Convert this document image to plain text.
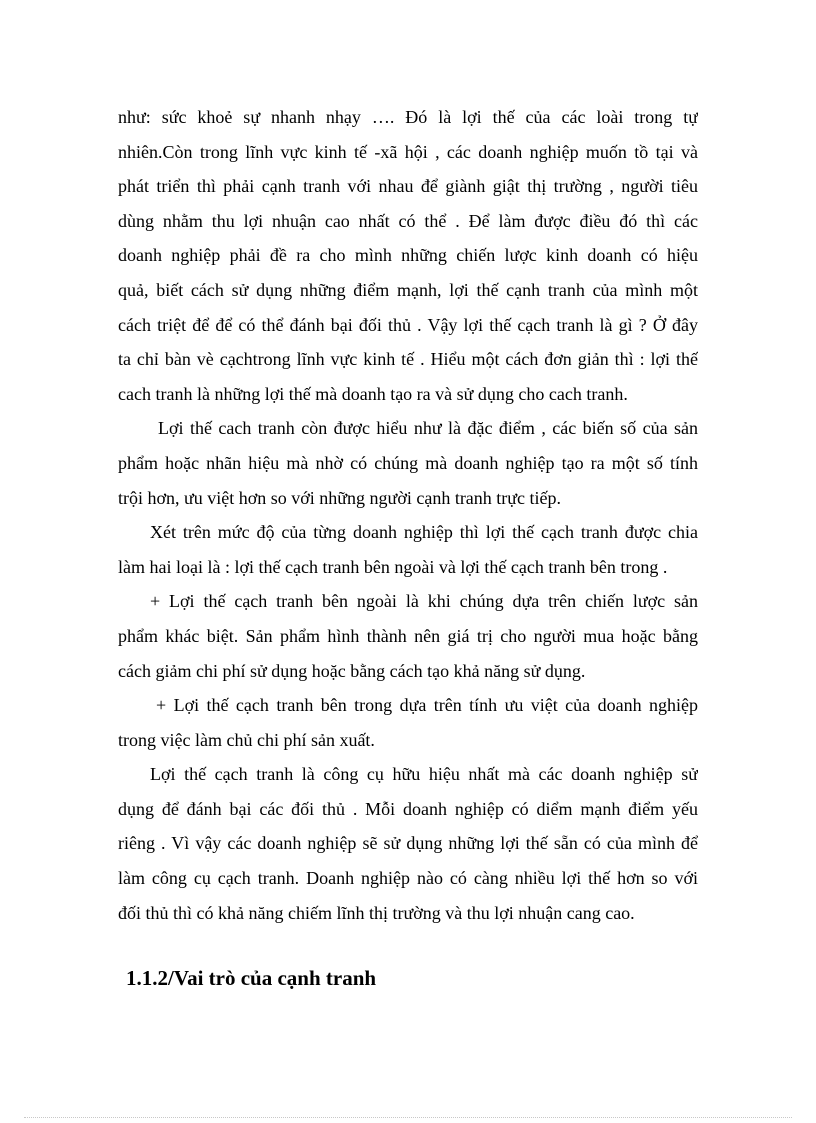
như: sức khoẻ sự nhanh nhạy …. Đó là lợi thế của các loài trong tự
nhiên.Còn trong lĩnh vực kinh tế -xã hội , các doanh nghiệp muốn tồ tại và
phát triển thì phải cạnh tranh với nhau để giành giật thị trường , người tiêu
dùng nhằm thu lợi nhuận cao nhất có thể . Để làm được điều đó thì các
doanh nghiệp phải đề ra cho mình những chiến lược kinh doanh có hiệu
quả, biết cách sử dụng những điểm mạnh, lợi thế cạnh tranh của mình một
cách triệt để để có thể đánh bại đối thủ . Vậy lợi thế cạch tranh là gì ? Ở đây
ta chỉ bàn vè cạchtrong lĩnh vực kinh tế . Hiểu một cách đơn giản thì : lợi thế
cach tranh là những lợi thế mà doanh tạo ra và sử dụng cho cach tranh.
Lợi thế cach tranh còn được hiểu như là đặc điểm , các biến số của sản
phẩm hoặc nhãn hiệu mà nhờ có chúng mà doanh nghiệp tạo ra một số tính
trội hơn, ưu việt hơn so với những người cạnh tranh trực tiếp.
Xét trên mức độ của từng doanh nghiệp thì lợi thế cạch tranh được chia
làm hai loại là : lợi thế cạch tranh bên ngoài và lợi thế cạch tranh bên trong .
+ Lợi thế cạch tranh bên ngoài là khi chúng dựa trên chiến lược sản
phẩm khác biệt. Sản phẩm hình thành nên giá trị cho người mua hoặc bằng
cách giảm chi phí sử dụng hoặc bằng cách tạo khả năng sử dụng.
+ Lợi thế cạch tranh bên trong dựa trên tính ưu việt của doanh nghiệp
trong việc làm chủ chi phí sản xuất.
Lợi thế cạch tranh là công cụ hữu hiệu nhất mà các doanh nghiệp sử
dụng để đánh bại các đối thủ . Mỗi doanh nghiệp có diểm mạnh điểm yếu
riêng . Vì vậy các doanh nghiệp sẽ sử dụng những lợi thế sẵn có của mình để
làm công cụ cạch tranh. Doanh nghiệp nào có càng nhiều lợi thế hơn so với
đối thủ thì có khả năng chiếm lĩnh thị trường và thu lợi nhuận cang cao.
1.1.2/Vai trò của cạnh tranh
